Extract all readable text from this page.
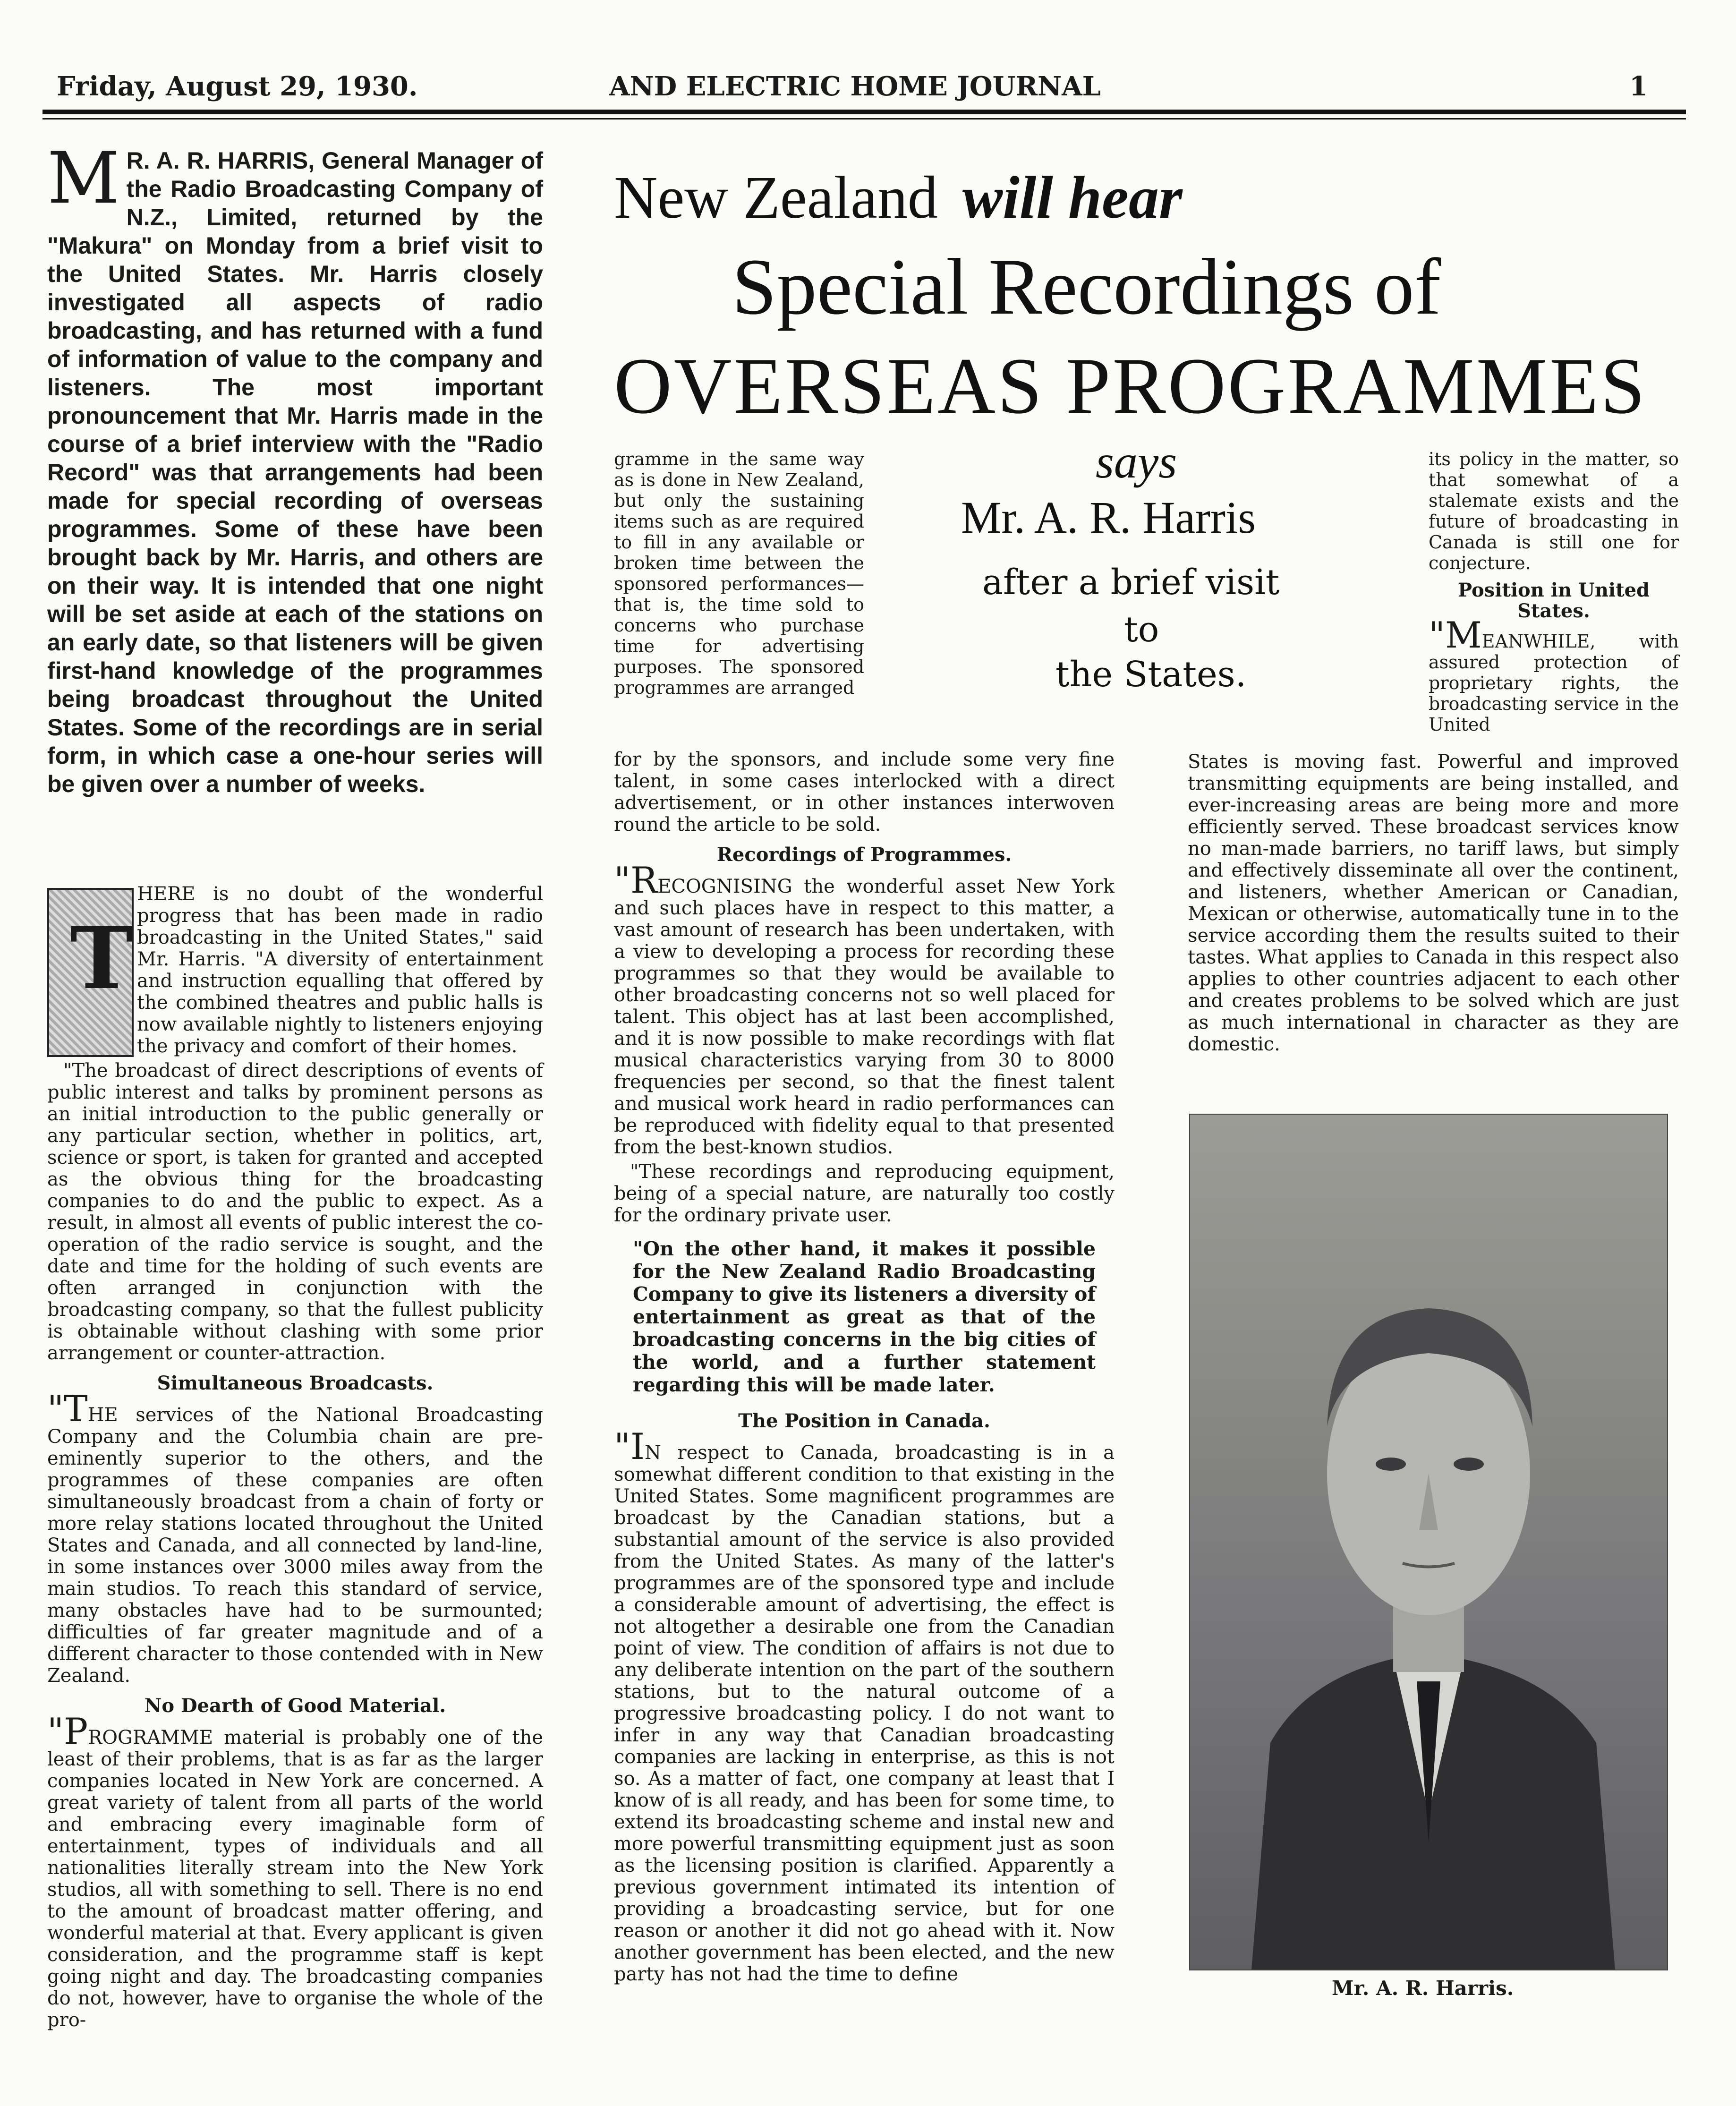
Friday, August 29, 1930.	AND ELECTRIC HOME JOURNAL	1
M R. A. R. HARRIS, General Manager of the Radio Broadcasting Company of N.Z., Limited, returned by the "Makura" on Monday from a brief visit to the United States. Mr. Harris closely investigated all aspects of radio broadcasting, and has returned with a fund of information of value to the company and listeners. The most important pronouncement that Mr. Harris made in the course of a brief interview with the "Radio Record" was that arrangements had been made for special recording of overseas programmes. Some of these have been brought back by Mr. Harris, and others are on their way. It is intended that one night will be set aside at each of the stations on an early date, so that listeners will be given first-hand knowledge of the programmes being broadcast throughout the United States. Some of the recordings are in serial form, in which case a one-hour series will be given over a number of weeks.
New Zealand will hear
Special Recordings of
OVERSEAS PROGRAMMES
says
Mr. A. R. Harris
after a brief visit
to
the States.
T

HERE is no doubt of the wonderful progress that has been made in radio broadcasting in the United States," said Mr. Harris. "A diversity of entertainment and instruction equalling that offered by the combined theatres and public halls is now available nightly to listeners enjoying the privacy and comfort of their homes.

"The broadcast of direct descriptions of events of public interest and talks by prominent persons as an initial introduction to the public generally or any particular section, whether in politics, art, science or sport, is taken for granted and accepted as the obvious thing for the broadcasting companies to do and the public to expect. As a result, in almost all events of public interest the co-operation of the radio service is sought, and the date and time for the holding of such events are often arranged in conjunction with the broadcasting company, so that the fullest publicity is obtainable without clashing with some prior arrangement or counter-attraction.

Simultaneous Broadcasts.

"THE services of the National Broadcasting Company and the Columbia chain are pre-eminently superior to the others, and the programmes of these companies are often simultaneously broadcast from a chain of forty or more relay stations located throughout the United States and Canada, and all connected by land-line, in some instances over 3000 miles away from the main studios. To reach this standard of service, many obstacles have had to be surmounted; difficulties of far greater magnitude and of a different character to those contended with in New Zealand.

No Dearth of Good Material.

"PROGRAMME material is probably one of the least of their problems, that is as far as the larger companies located in New York are concerned. A great variety of talent from all parts of the world and embracing every imaginable form of entertainment, types of individuals and all nationalities literally stream into the New York studios, all with something to sell. There is no end to the amount of broadcast matter offering, and wonderful material at that. Every applicant is given consideration, and the programme staff is kept going night and day. The broadcasting companies do not, however, have to organise the whole of the pro-

gramme in the same way as is done in New Zealand, but only the sustaining items such as are required to fill in any available or broken time between the sponsored performances—that is, the time sold to concerns who purchase time for advertising purposes. The sponsored programmes are arranged

for by the sponsors, and include some very fine talent, in some cases interlocked with a direct advertisement, or in other instances interwoven round the article to be sold.

Recordings of Programmes.

"RECOGNISING the wonderful asset New York and such places have in respect to this matter, a vast amount of research has been undertaken, with a view to developing a process for recording these programmes so that they would be available to other broadcasting concerns not so well placed for talent. This object has at last been accomplished, and it is now possible to make recordings with flat musical characteristics varying from 30 to 8000 frequencies per second, so that the finest talent and musical work heard in radio performances can be reproduced with fidelity equal to that presented from the best-known studios.

"These recordings and reproducing equipment, being of a special nature, are naturally too costly for the ordinary private user.

"On the other hand, it makes it possible for the New Zealand Radio Broadcasting Company to give its listeners a diversity of entertainment as great as that of the broadcasting concerns in the big cities of the world, and a further statement regarding this will be made later.
The Position in Canada.

"IN respect to Canada, broadcasting is in a somewhat different condition to that existing in the United States. Some magnificent programmes are broadcast by the Canadian stations, but a substantial amount of the service is also provided from the United States. As many of the latter's programmes are of the sponsored type and include a considerable amount of advertising, the effect is not altogether a desirable one from the Canadian point of view. The condition of affairs is not due to any deliberate intention on the part of the southern stations, but to the natural outcome of a progressive broadcasting policy. I do not want to infer in any way that Canadian broadcasting companies are lacking in enterprise, as this is not so. As a matter of fact, one company at least that I know of is all ready, and has been for some time, to extend its broadcasting scheme and instal new and more powerful transmitting equipment just as soon as the licensing position is clarified. Apparently a previous government intimated its intention of providing a broadcasting service, but for one reason or another it did not go ahead with it. Now another government has been elected, and the new party has not had the time to define

its policy in the matter, so that somewhat of a stalemate exists and the future of broadcasting in Canada is still one for conjecture.

Position in United States.

"MEANWHILE, with assured protection of proprietary rights, the broadcasting service in the United

States is moving fast. Powerful and improved transmitting equipments are being installed, and ever-increasing areas are being more and more efficiently served. These broadcast services know no man-made barriers, no tariff laws, but simply and effectively disseminate all over the continent, and listeners, whether American or Canadian, Mexican or otherwise, automatically tune in to the service according them the results suited to their tastes. What applies to Canada in this respect also applies to other countries adjacent to each other and creates problems to be solved which are just as much international in character as they are domestic.
Mr. A. R. Harris.
